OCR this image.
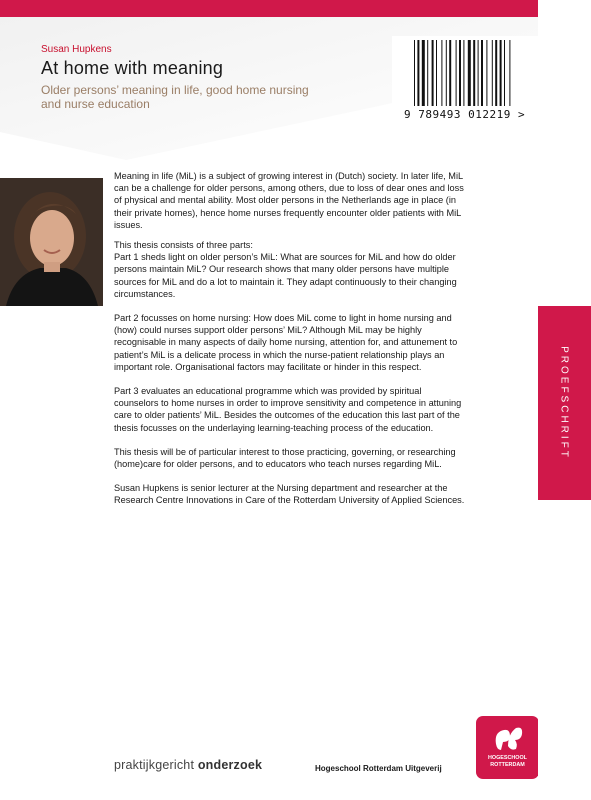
Susan Hupkens
At home with meaning
Older persons’ meaning in life, good home nursing and nurse education
9 789493 012219 >

Meaning in life (MiL) is a subject of growing interest in (Dutch) society. In later life, MiL can be a challenge for older persons, among others, due to loss of dear ones and loss of physical and mental ability. Most older persons in the Netherlands age in place (in their private homes), hence home nurses frequently encounter older patients with MiL issues.

This thesis consists of three parts:

Part 1 sheds light on older person’s MiL: What are sources for MiL and how do older persons maintain MiL? Our research shows that many older persons have multiple sources for MiL and do a lot to maintain it. They adapt continuously to their changing circumstances.

Part 2 focusses on home nursing: How does MiL come to light in home nursing and (how) could nurses support older persons’ MiL? Although MiL may be highly recognisable in many aspects of daily home nursing, attention for, and attunement to patient’s MiL is a delicate process in which the nurse-patient relationship plays an important role. Organisational factors may facilitate or hinder in this respect.

Part 3 evaluates an educational programme which was provided by spiritual counselors to home nurses in order to improve sensitivity and competence in attuning care to older patients’ MiL. Besides the outcomes of the education this last part of the thesis focusses on the underlaying learning-teaching process of the education.

This thesis will be of particular interest to those practicing, governing, or researching (home)care for older persons, and to educators who teach nurses regarding MiL.

Susan Hupkens is senior lecturer at the Nursing department and researcher at the Research Centre Innovations in Care of the Rotterdam University of Applied Sciences.

praktijkgericht onderzoek	Hogeschool Rotterdam Uitgeverij
HOGESCHOOL
ROTTERDAM
PROEFSCHRIFT
